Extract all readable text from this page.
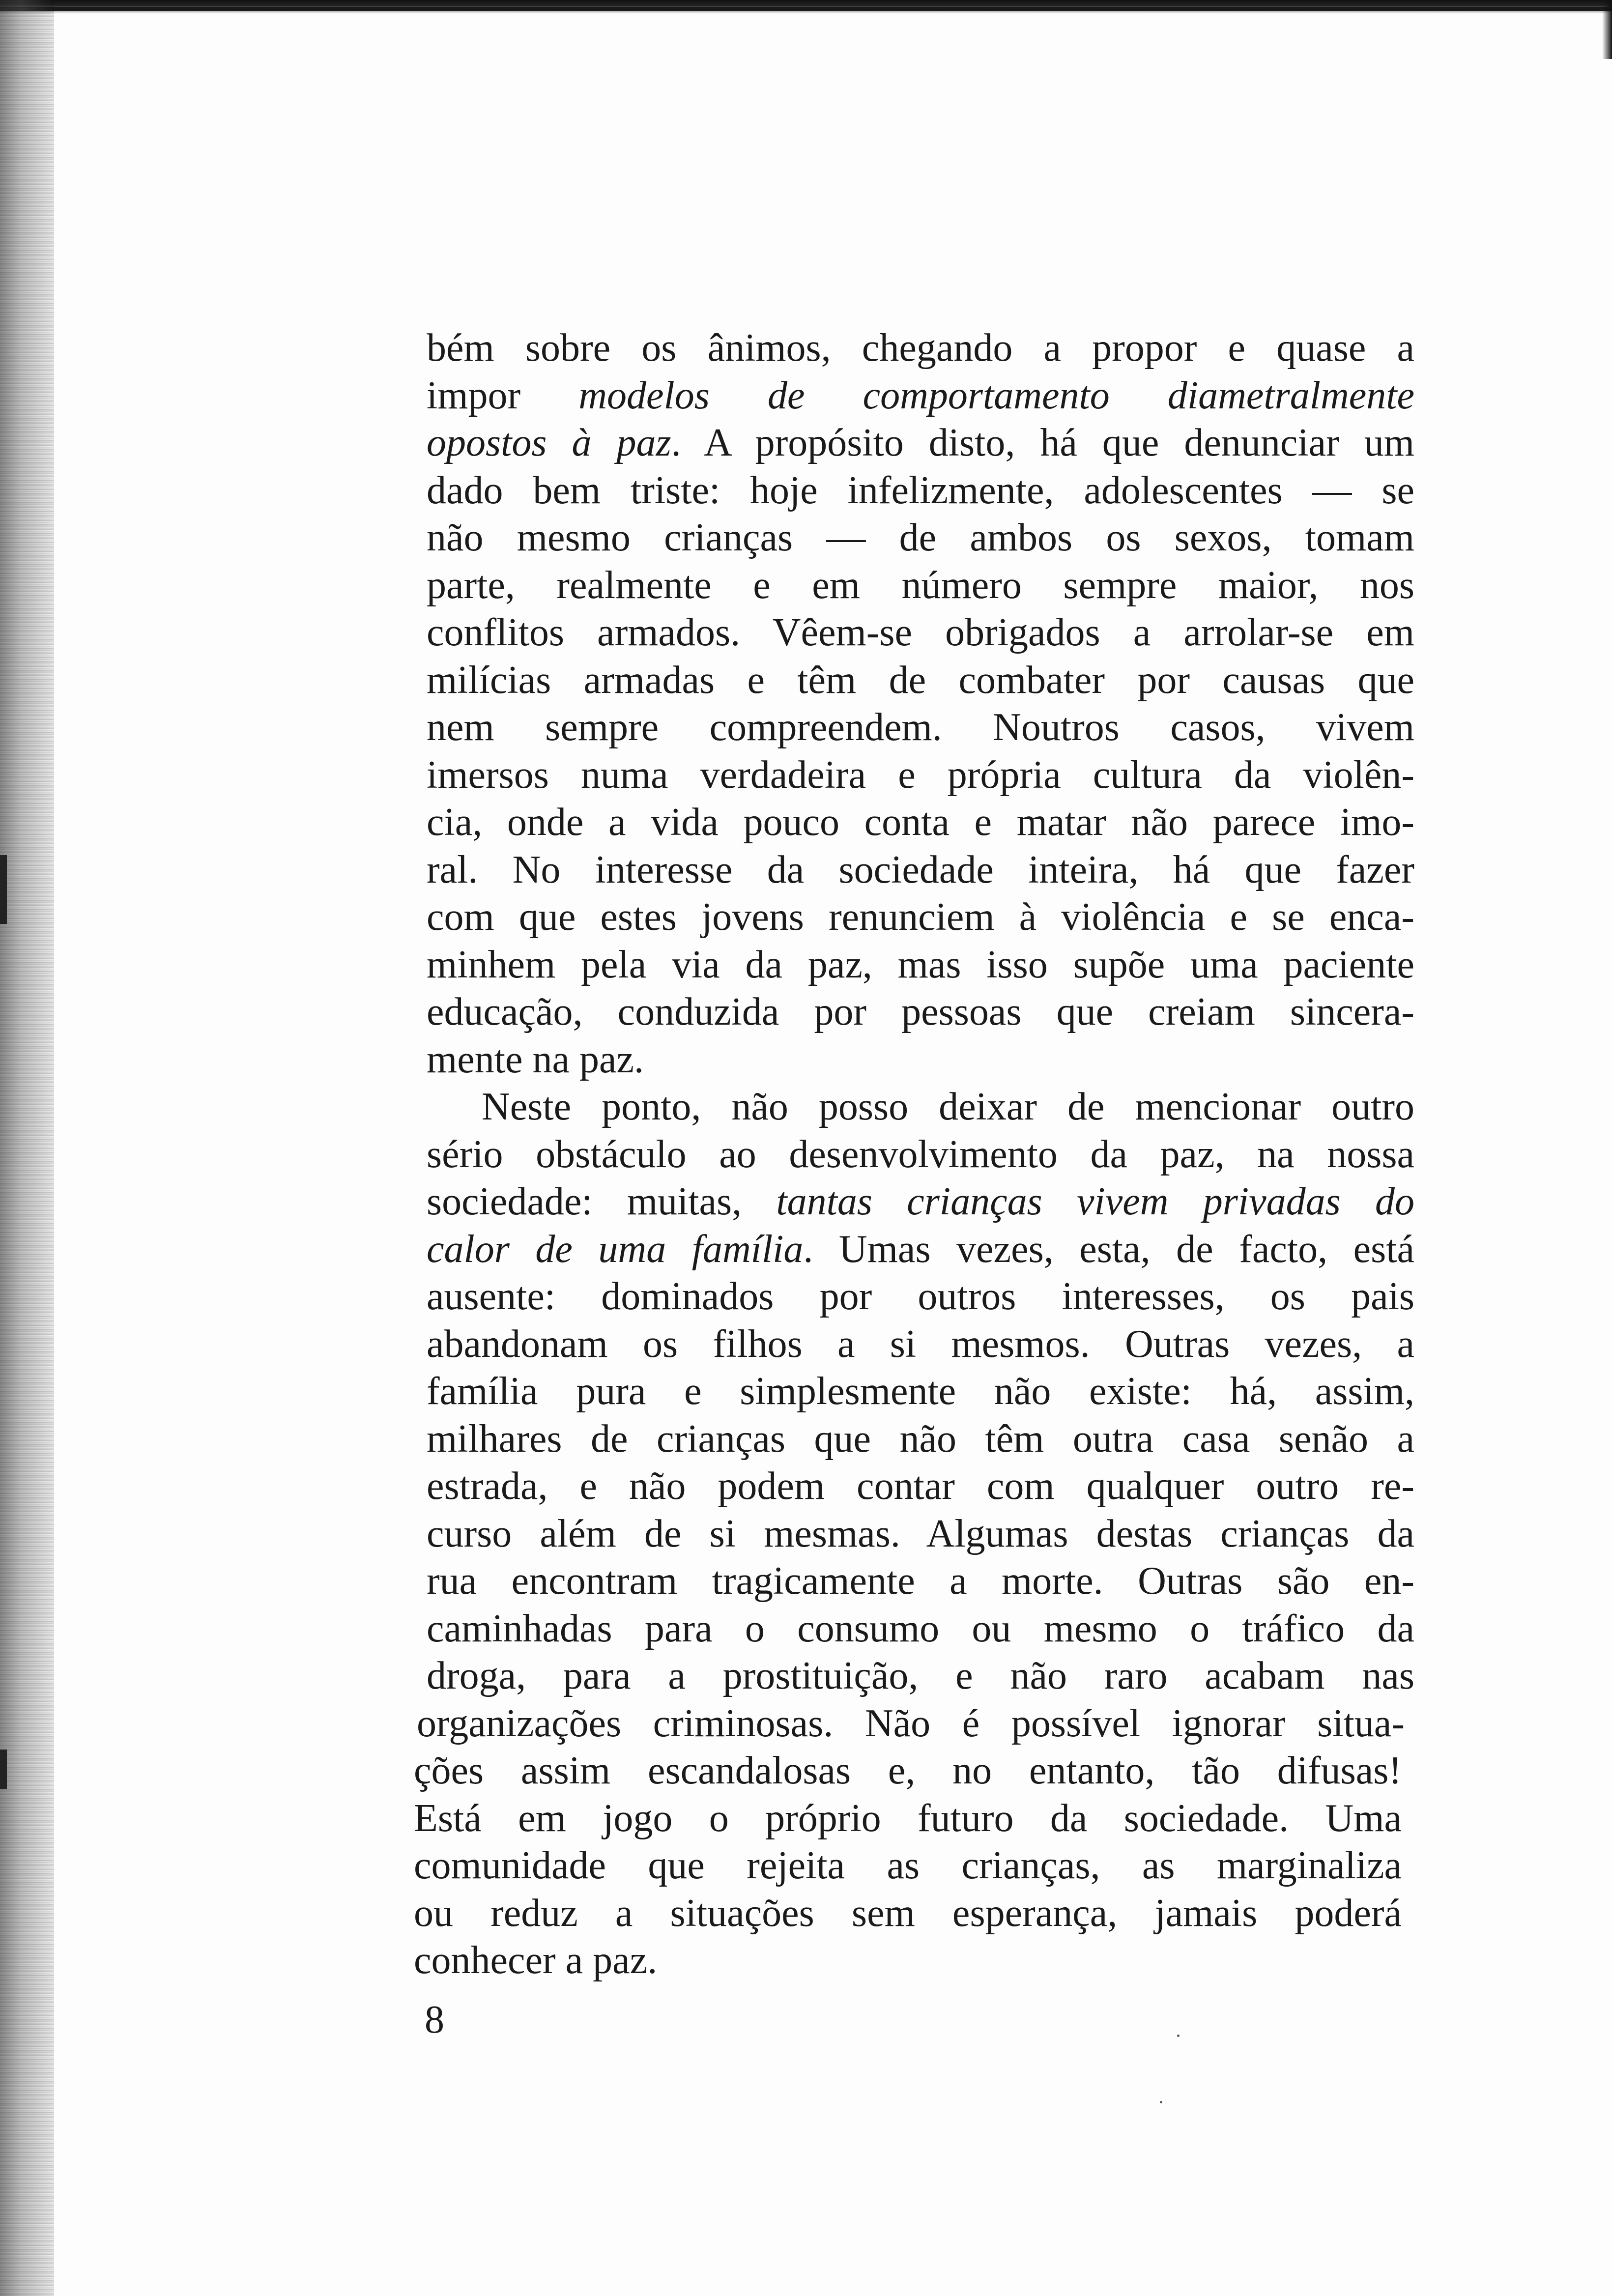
bém sobre os ânimos, chegando a propor e quase a
impor modelos de comportamento diametralmente
opostos à paz. A propósito disto, há que denunciar um
dado bem triste: hoje infelizmente, adolescentes — se
não mesmo crianças — de ambos os sexos, tomam
parte, realmente e em número sempre maior, nos
conflitos armados. Vêem-se obrigados a arrolar-se em
milícias armadas e têm de combater por causas que
nem sempre compreendem. Noutros casos, vivem
imersos numa verdadeira e própria cultura da violên-
cia, onde a vida pouco conta e matar não parece imo-
ral. No interesse da sociedade inteira, há que fazer
com que estes jovens renunciem à violência e se enca-
minhem pela via da paz, mas isso supõe uma paciente
educação, conduzida por pessoas que creiam sincera-
mente na paz.
Neste ponto, não posso deixar de mencionar outro
sério obstáculo ao desenvolvimento da paz, na nossa
sociedade: muitas, tantas crianças vivem privadas do
calor de uma família. Umas vezes, esta, de facto, está
ausente: dominados por outros interesses, os pais
abandonam os filhos a si mesmos. Outras vezes, a
família pura e simplesmente não existe: há, assim,
milhares de crianças que não têm outra casa senão a
estrada, e não podem contar com qualquer outro re-
curso além de si mesmas. Algumas destas crianças da
rua encontram tragicamente a morte. Outras são en-
caminhadas para o consumo ou mesmo o tráfico da
droga, para a prostituição, e não raro acabam nas
organizações criminosas. Não é possível ignorar situa-
ções assim escandalosas e, no entanto, tão difusas!
Está em jogo o próprio futuro da sociedade. Uma
comunidade que rejeita as crianças, as marginaliza
ou reduz a situações sem esperança, jamais poderá
conhecer a paz.
8
